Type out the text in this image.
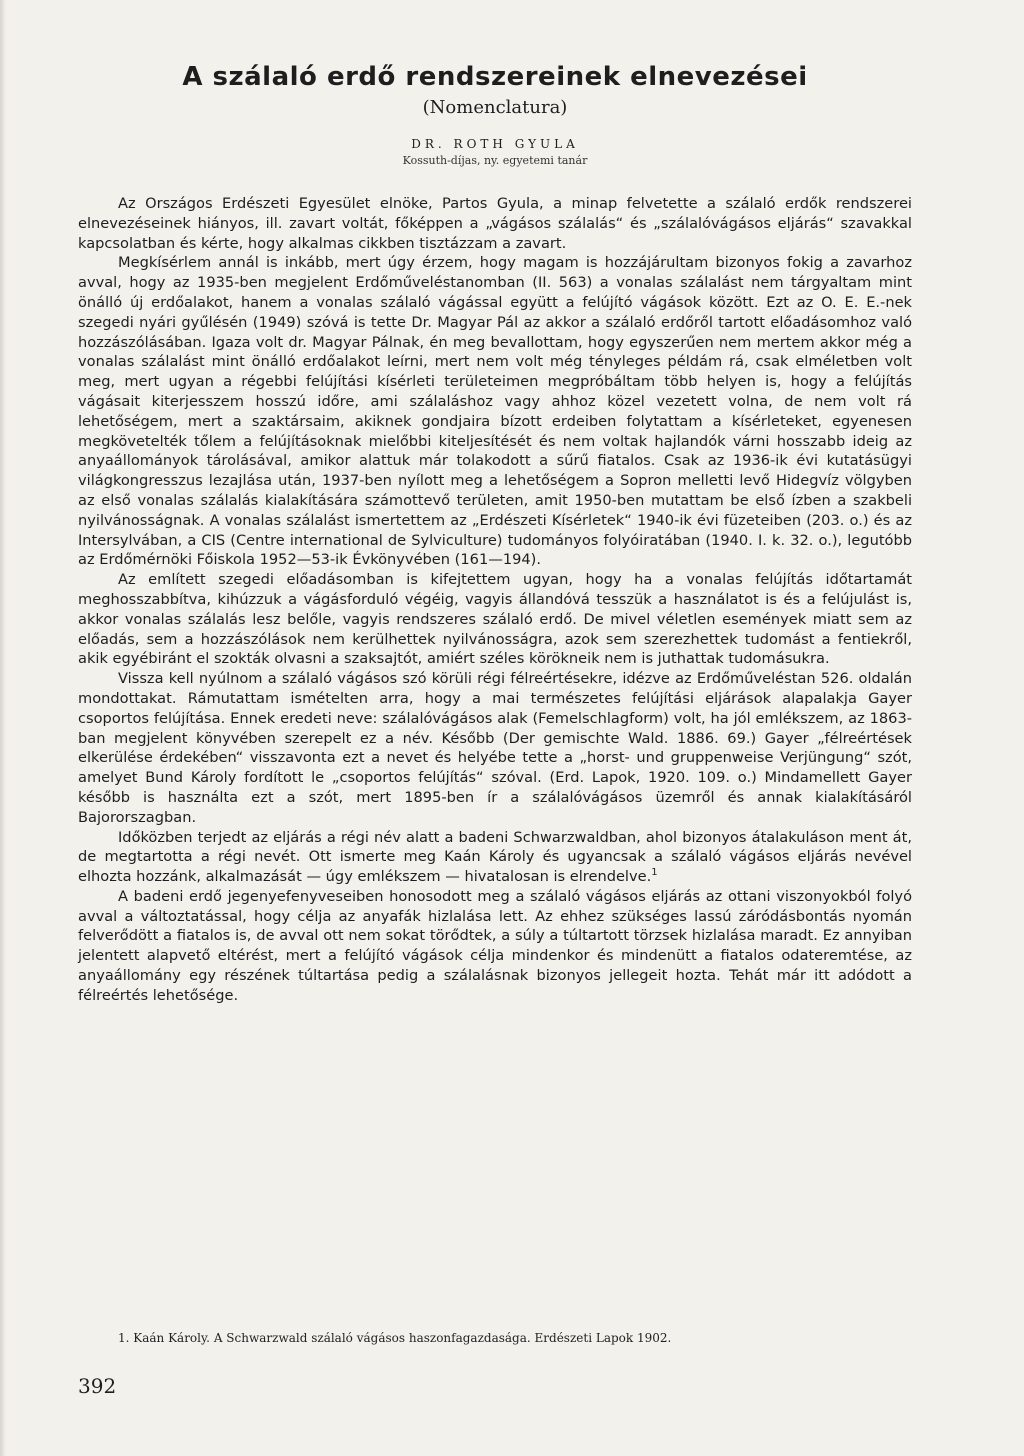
A szálaló erdő rendszereinek elnevezései
(Nomenclatura)
DR. ROTH GYULA
Kossuth-díjas, ny. egyetemi tanár

Az Országos Erdészeti Egyesület elnöke, Partos Gyula, a minap felvetette a szálaló erdők rendszerei elnevezéseinek hiányos, ill. zavart voltát, főképpen a „vágásos szálalás“ és „szálalóvágásos eljárás“ szavakkal kapcsolatban és kérte, hogy alkalmas cikkben tisztázzam a zavart.

Megkísérlem annál is inkább, mert úgy érzem, hogy magam is hozzájárultam bizonyos fokig a zavarhoz avval, hogy az 1935-ben megjelent Erdőműveléstanomban (II. 563) a vonalas szálalást nem tárgyaltam mint önálló új erdőalakot, hanem a vonalas szálaló vágással együtt a felújító vágások között. Ezt az O. E. E.-nek szegedi nyári gyűlésén (1949) szóvá is tette Dr. Magyar Pál az akkor a szálaló erdőről tartott előadásomhoz való hozzászólásában. Igaza volt dr. Magyar Pálnak, én meg bevallottam, hogy egyszerűen nem mertem akkor még a vonalas szálalást mint önálló erdőalakot leírni, mert nem volt még tényleges példám rá, csak elméletben volt meg, mert ugyan a régebbi felújítási kísérleti területeimen megpróbáltam több helyen is, hogy a felújítás vágásait kiterjesszem hosszú időre, ami szálaláshoz vagy ahhoz közel vezetett volna, de nem volt rá lehetőségem, mert a szaktársaim, akiknek gondjaira bízott erdeiben folytattam a kísérleteket, egyenesen megkövetelték tőlem a felújításoknak mielőbbi kiteljesítését és nem voltak hajlandók várni hosszabb ideig az anyaállományok tárolásával, amikor alattuk már tolakodott a sűrű fiatalos. Csak az 1936-ik évi kutatásügyi világkongresszus lezajlása után, 1937-ben nyílott meg a lehetőségem a Sopron melletti levő Hidegvíz völgyben az első vonalas szálalás kialakítására számottevő területen, amit 1950-ben mutattam be első ízben a szakbeli nyilvánosságnak. A vonalas szálalást ismertettem az „Erdészeti Kísérletek“ 1940-ik évi füzeteiben (203. o.) és az Intersylvában, a CIS (Centre international de Sylviculture) tudományos folyóiratában (1940. I. k. 32. o.), legutóbb az Erdőmérnöki Főiskola 1952—53-ik Évkönyvében (161—194).

Az említett szegedi előadásomban is kifejtettem ugyan, hogy ha a vonalas felújítás időtartamát meghosszabbítva, kihúzzuk a vágásforduló végéig, vagyis állandóvá tesszük a használatot is és a felújulást is, akkor vonalas szálalás lesz belőle, vagyis rendszeres szálaló erdő. De mivel véletlen események miatt sem az előadás, sem a hozzászólások nem kerülhettek nyilvánosságra, azok sem szerezhettek tudomást a fentiekről, akik egyébiránt el szokták olvasni a szaksajtót, amiért széles körökneik nem is juthattak tudomásukra.

Vissza kell nyúlnom a szálaló vágásos szó körüli régi félreértésekre, idézve az Erdőműveléstan 526. oldalán mondottakat. Rámutattam ismételten arra, hogy a mai természetes felújítási eljárások alapalakja Gayer csoportos felújítása. Ennek eredeti neve: szálalóvágásos alak (Femelschlagform) volt, ha jól emlékszem, az 1863-ban megjelent könyvében szerepelt ez a név. Később (Der gemischte Wald. 1886. 69.) Gayer „félreértések elkerülése érdekében“ visszavonta ezt a nevet és helyébe tette a „horst- und gruppenweise Verjüngung“ szót, amelyet Bund Károly fordított le „csoportos felújítás“ szóval. (Erd. Lapok, 1920. 109. o.) Mindamellett Gayer később is használta ezt a szót, mert 1895-ben ír a szálalóvágásos üzemről és annak kialakításáról Bajororszagban.

Időközben terjedt az eljárás a régi név alatt a badeni Schwarzwaldban, ahol bizonyos átalakuláson ment át, de megtartotta a régi nevét. Ott ismerte meg Kaán Károly és ugyancsak a szálaló vágásos eljárás nevével elhozta hozzánk, alkalmazását — úgy emlékszem — hivatalosan is elrendelve.$^1$

A badeni erdő jegenyefenyveseiben honosodott meg a szálaló vágásos eljárás az ottani viszonyokból folyó avval a változtatással, hogy célja az anyafák hizlalása lett. Az ehhez szükséges lassú záródásbontás nyomán felverődött a fiatalos is, de avval ott nem sokat törődtek, a súly a túltartott törzsek hizlalása maradt. Ez annyiban jelentett alapvető eltérést, mert a felújító vágások célja mindenkor és mindenütt a fiatalos odateremtése, az anyaállomány egy részének túltartása pedig a szálalásnak bizonyos jellegeit hozta. Tehát már itt adódott a félreértés lehetősége.

1. Kaán Károly. A Schwarzwald szálaló vágásos haszonfagazdasága. Erdészeti Lapok 1902.
392
